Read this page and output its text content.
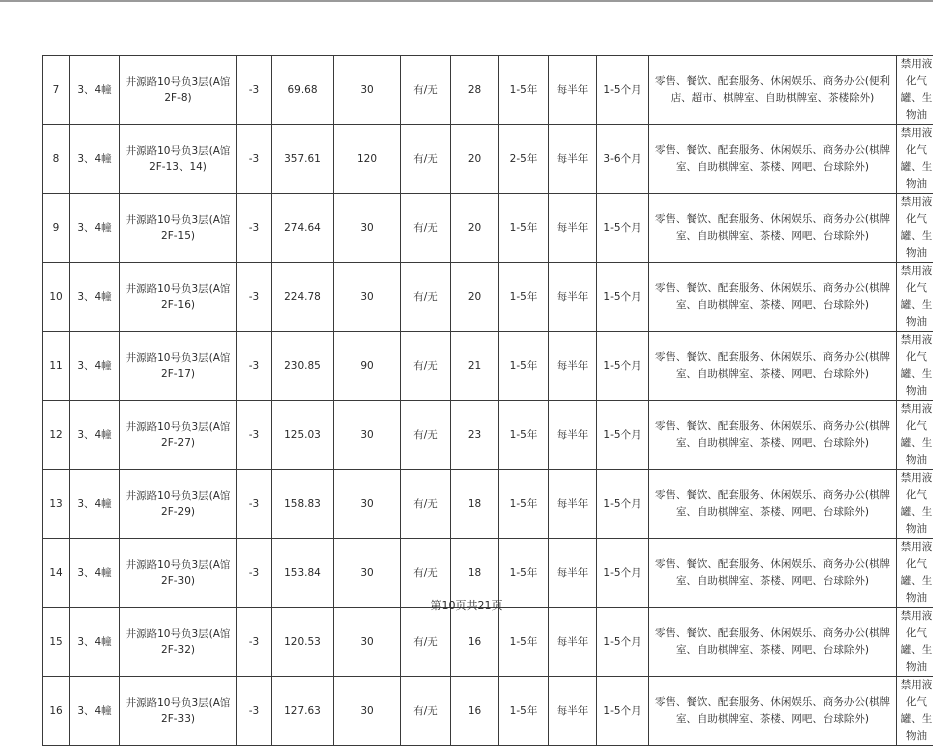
7	3、4幢	井源路10号负3层(A馆2F-8)	-3	69.68	30	有/无	28	1-5年	每半年	1-5个月	零售、餐饮、配套服务、休闲娱乐、商务办公(便利店、超市、棋牌室、自助棋牌室、茶楼除外)	禁用液化气罐、生物油
8	3、4幢	井源路10号负3层(A馆2F-13、14)	-3	357.61	120	有/无	20	2-5年	每半年	3-6个月	零售、餐饮、配套服务、休闲娱乐、商务办公(棋牌室、自助棋牌室、茶楼、网吧、台球除外)	禁用液化气罐、生物油
9	3、4幢	井源路10号负3层(A馆2F-15)	-3	274.64	30	有/无	20	1-5年	每半年	1-5个月	零售、餐饮、配套服务、休闲娱乐、商务办公(棋牌室、自助棋牌室、茶楼、网吧、台球除外)	禁用液化气罐、生物油
10	3、4幢	井源路10号负3层(A馆2F-16)	-3	224.78	30	有/无	20	1-5年	每半年	1-5个月	零售、餐饮、配套服务、休闲娱乐、商务办公(棋牌室、自助棋牌室、茶楼、网吧、台球除外)	禁用液化气罐、生物油
11	3、4幢	井源路10号负3层(A馆2F-17)	-3	230.85	90	有/无	21	1-5年	每半年	1-5个月	零售、餐饮、配套服务、休闲娱乐、商务办公(棋牌室、自助棋牌室、茶楼、网吧、台球除外)	禁用液化气罐、生物油
12	3、4幢	井源路10号负3层(A馆2F-27)	-3	125.03	30	有/无	23	1-5年	每半年	1-5个月	零售、餐饮、配套服务、休闲娱乐、商务办公(棋牌室、自助棋牌室、茶楼、网吧、台球除外)	禁用液化气罐、生物油
13	3、4幢	井源路10号负3层(A馆2F-29)	-3	158.83	30	有/无	18	1-5年	每半年	1-5个月	零售、餐饮、配套服务、休闲娱乐、商务办公(棋牌室、自助棋牌室、茶楼、网吧、台球除外)	禁用液化气罐、生物油
14	3、4幢	井源路10号负3层(A馆2F-30)	-3	153.84	30	有/无	18	1-5年	每半年	1-5个月	零售、餐饮、配套服务、休闲娱乐、商务办公(棋牌室、自助棋牌室、茶楼、网吧、台球除外)	禁用液化气罐、生物油
15	3、4幢	井源路10号负3层(A馆2F-32)	-3	120.53	30	有/无	16	1-5年	每半年	1-5个月	零售、餐饮、配套服务、休闲娱乐、商务办公(棋牌室、自助棋牌室、茶楼、网吧、台球除外)	禁用液化气罐、生物油
16	3、4幢	井源路10号负3层(A馆2F-33)	-3	127.63	30	有/无	16	1-5年	每半年	1-5个月	零售、餐饮、配套服务、休闲娱乐、商务办公(棋牌室、自助棋牌室、茶楼、网吧、台球除外)	禁用液化气罐、生物油
第10页共21页
